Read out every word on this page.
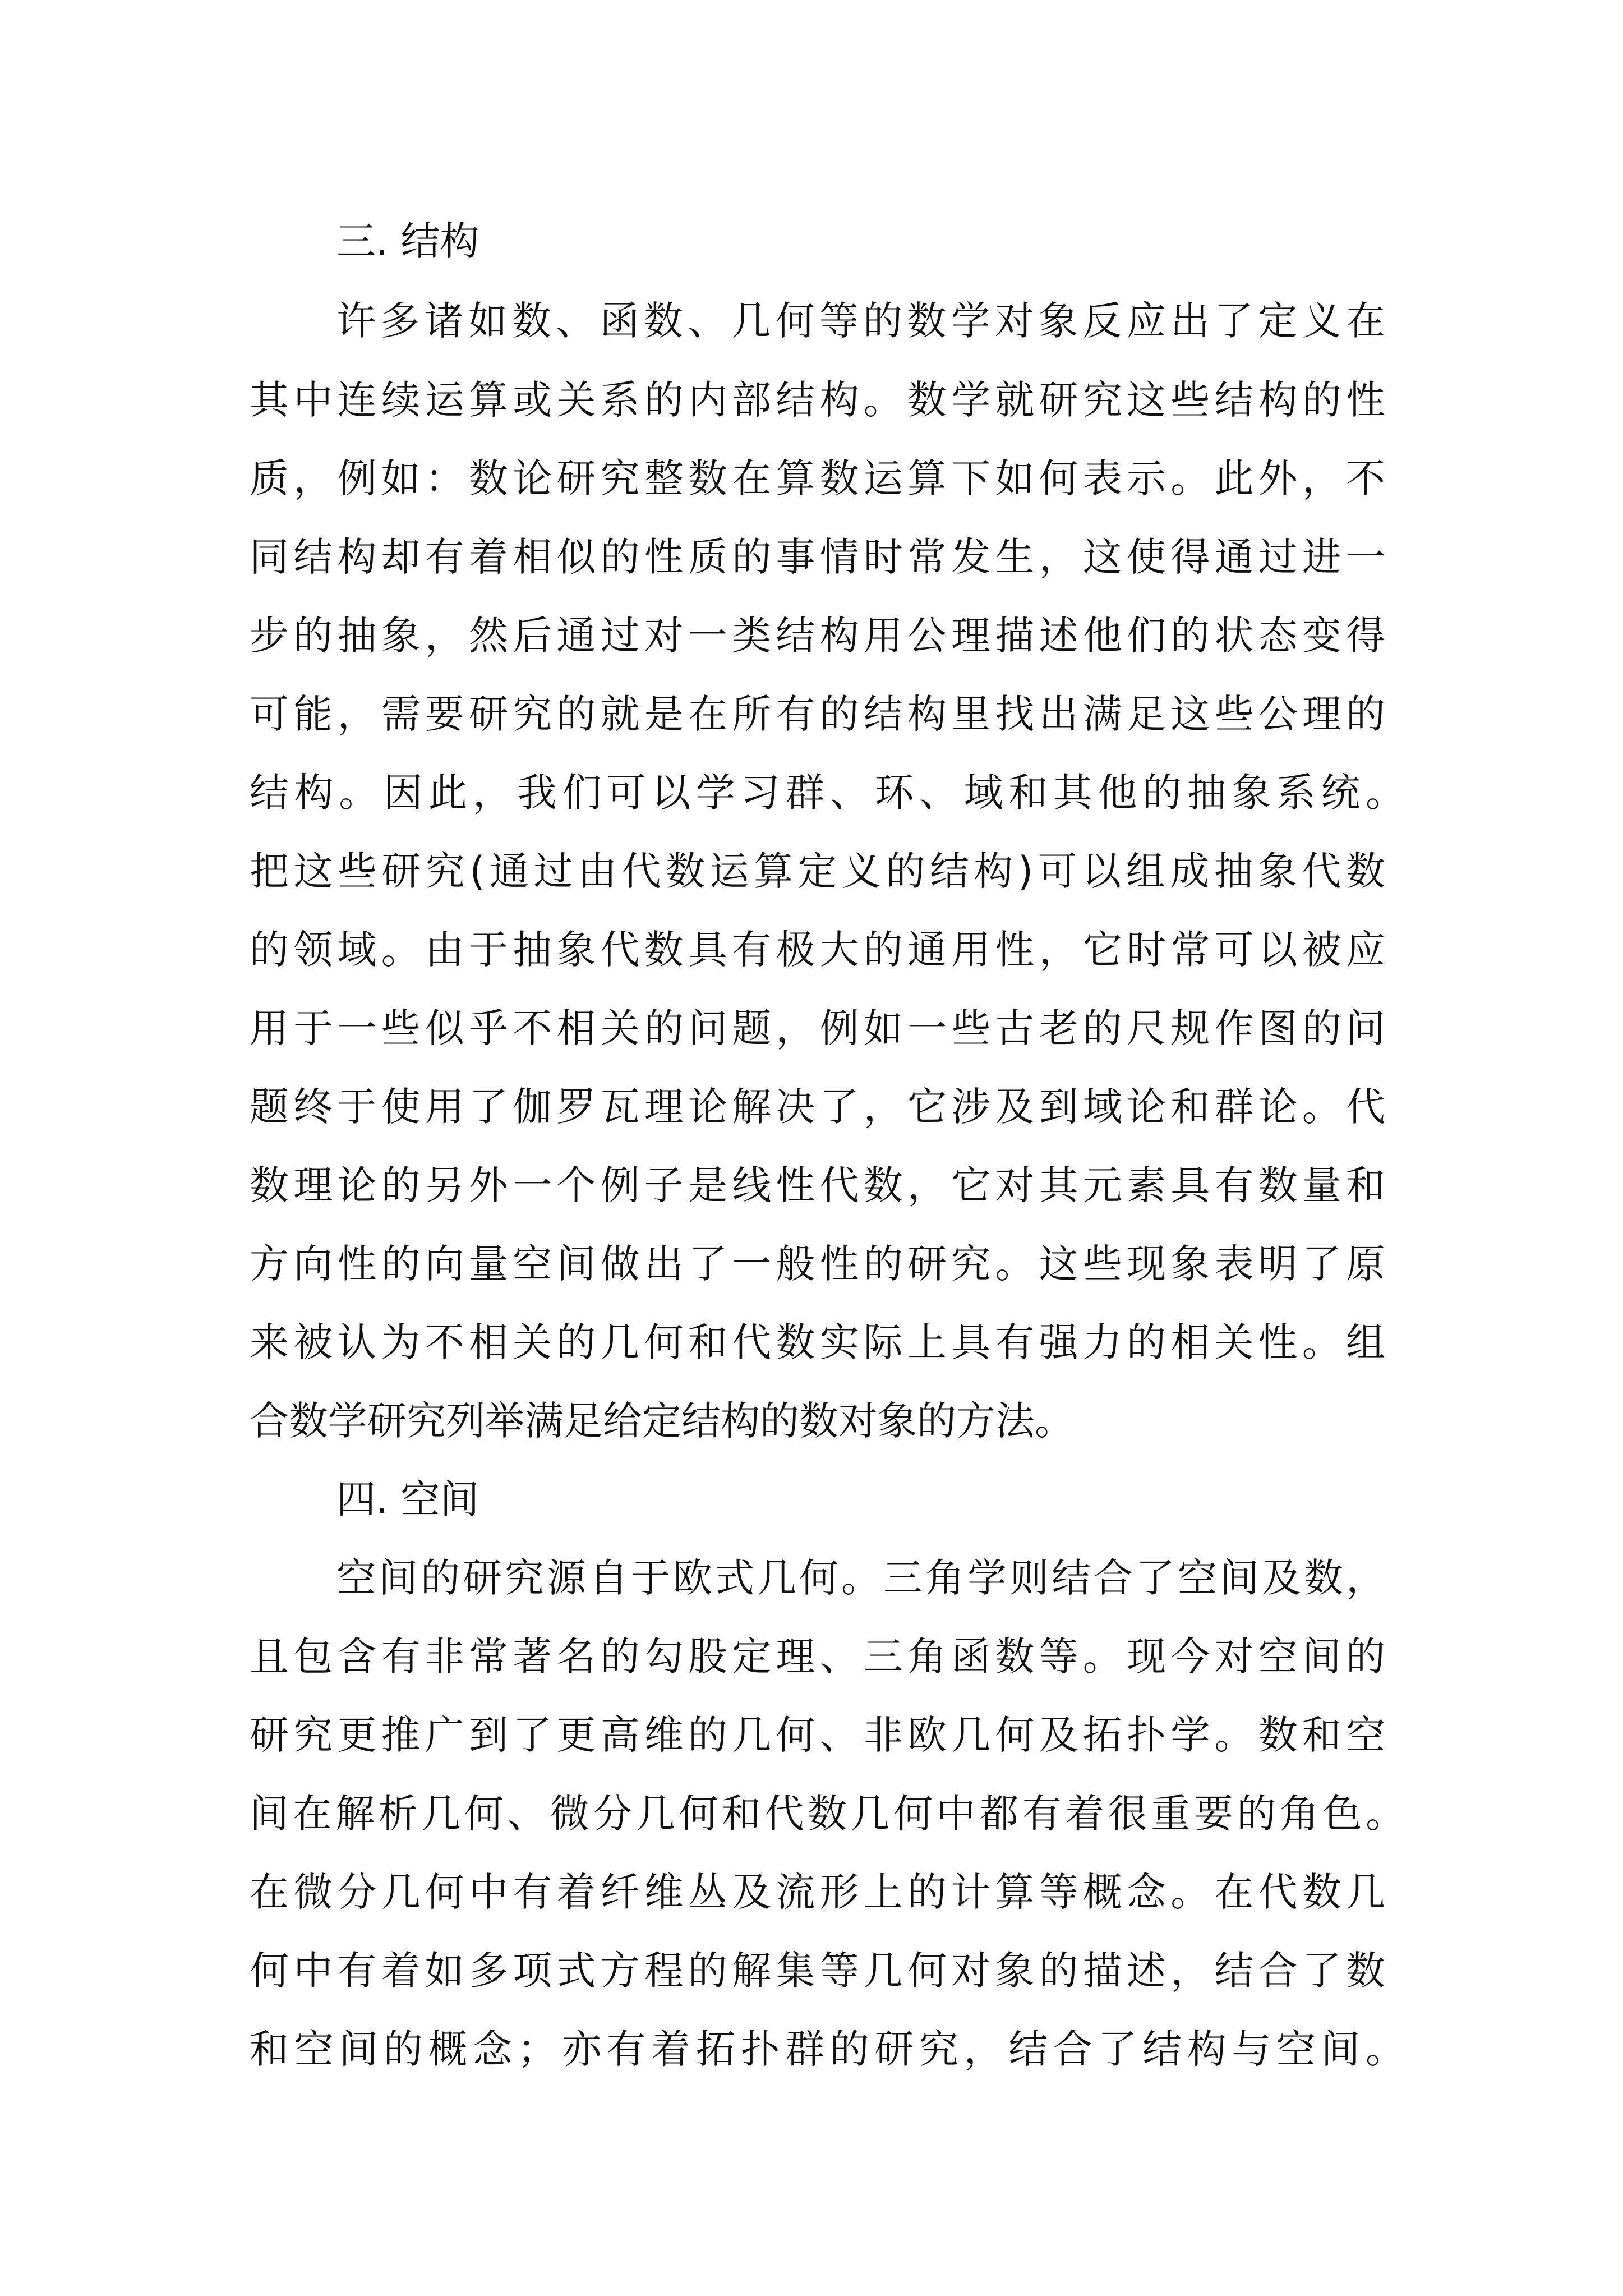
三. 结构

许多诸如数、函数、几何等的数学对象反应出了定义在

其中连续运算或关系的内部结构。数学就研究这些结构的性

质，例如：数论研究整数在算数运算下如何表示。此外，不

同结构却有着相似的性质的事情时常发生，这使得通过进一

步的抽象，然后通过对一类结构用公理描述他们的状态变得

可能，需要研究的就是在所有的结构里找出满足这些公理的

结构。因此，我们可以学习群、环、域和其他的抽象系统。

把这些研究(通过由代数运算定义的结构)可以组成抽象代数

的领域。由于抽象代数具有极大的通用性，它时常可以被应

用于一些似乎不相关的问题，例如一些古老的尺规作图的问

题终于使用了伽罗瓦理论解决了，它涉及到域论和群论。代

数理论的另外一个例子是线性代数，它对其元素具有数量和

方向性的向量空间做出了一般性的研究。这些现象表明了原

来被认为不相关的几何和代数实际上具有强力的相关性。组

合数学研究列举满足给定结构的数对象的方法。

四. 空间

空间的研究源自于欧式几何。三角学则结合了空间及数，

且包含有非常著名的勾股定理、三角函数等。现今对空间的

研究更推广到了更高维的几何、非欧几何及拓扑学。数和空

间在解析几何、微分几何和代数几何中都有着很重要的角色。

在微分几何中有着纤维丛及流形上的计算等概念。在代数几

何中有着如多项式方程的解集等几何对象的描述，结合了数

和空间的概念；亦有着拓扑群的研究，结合了结构与空间。
